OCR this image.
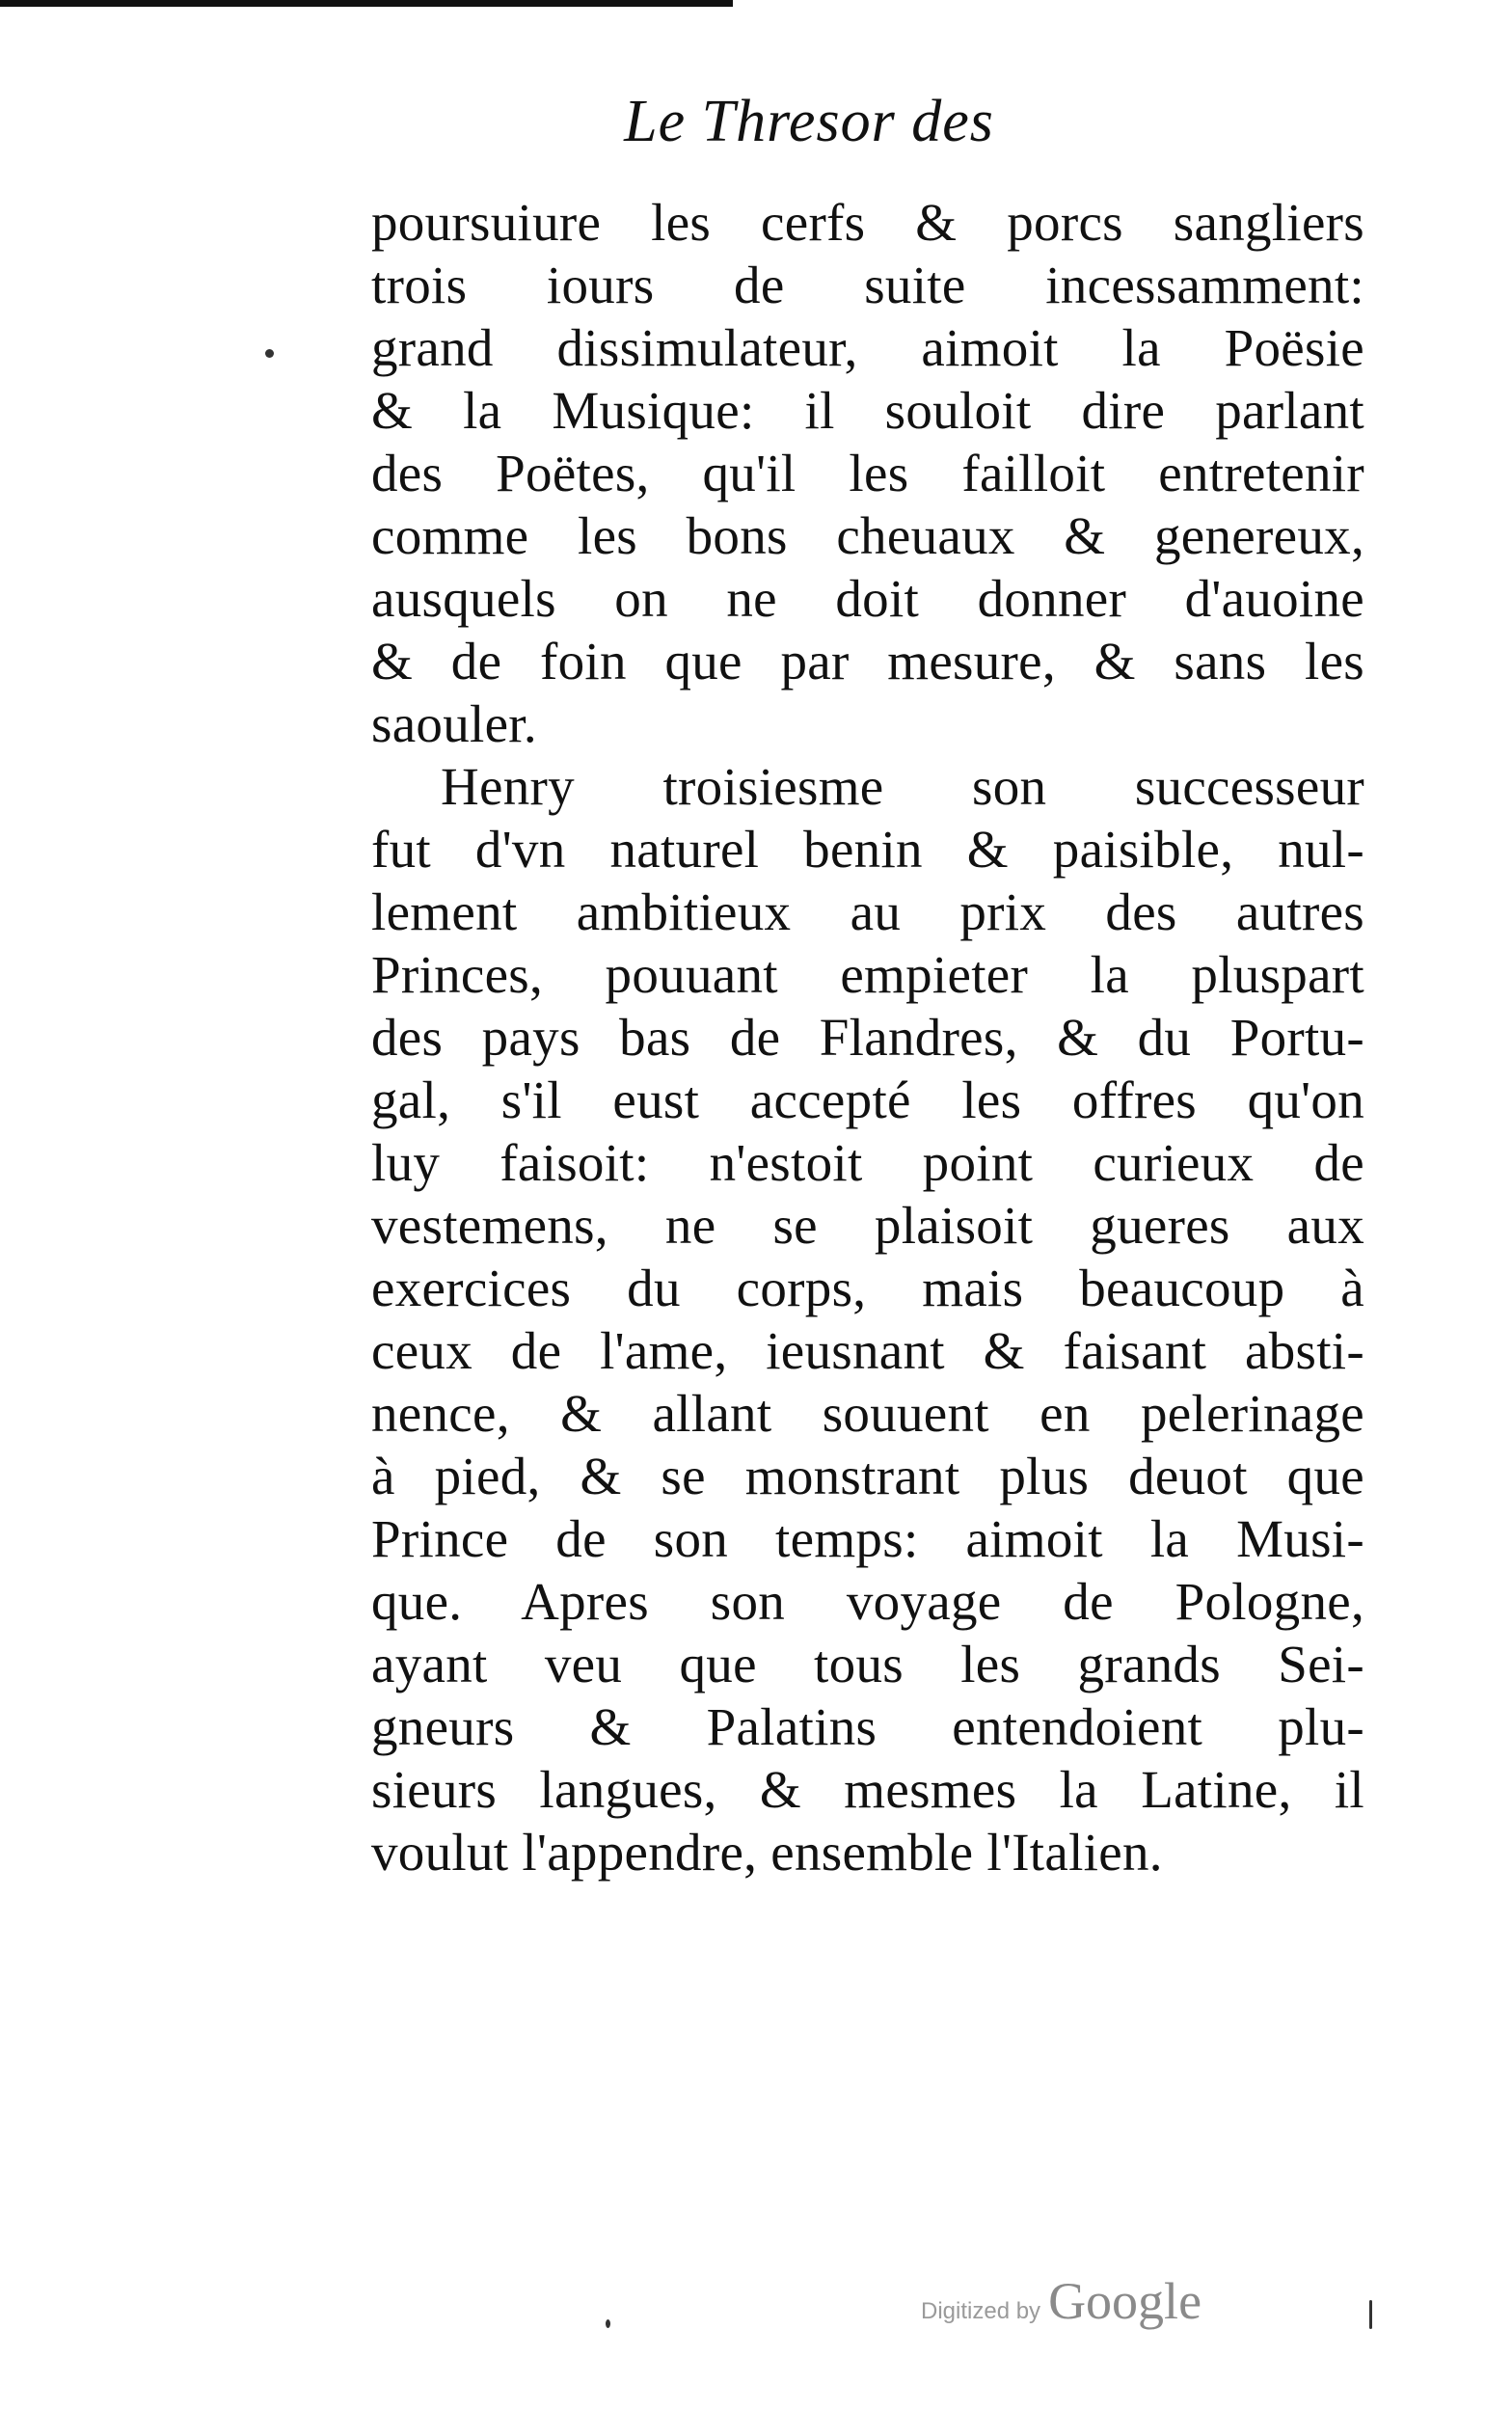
Le Thresor des
poursuiure les cerfs & porcs sangliers
trois iours de suite incessamment:
grand dissimulateur, aimoit la Poësie
& la Musique: il souloit dire parlant
des Poëtes, qu'il les failloit entretenir
comme les bons cheuaux & genereux,
ausquels on ne doit donner d'auoine
& de foin que par mesure, & sans les
saouler.
Henry troisiesme son successeur
fut d'vn naturel benin & paisible, nul-
lement ambitieux au prix des autres
Princes, pouuant empieter la pluspart
des pays bas de Flandres, & du Portu-
gal, s'il eust accepté les offres qu'on
luy faisoit: n'estoit point curieux de
vestemens, ne se plaisoit gueres aux
exercices du corps, mais beaucoup à
ceux de l'ame, ieusnant & faisant absti-
nence, & allant souuent en pelerinage
à pied, & se monstrant plus deuot que
Prince de son temps: aimoit la Musi-
que. Apres son voyage de Pologne,
ayant veu que tous les grands Sei-
gneurs & Palatins entendoient plu-
sieurs langues, & mesmes la Latine, il
voulut l'appendre, ensemble l'Italien.
Digitized by Google
